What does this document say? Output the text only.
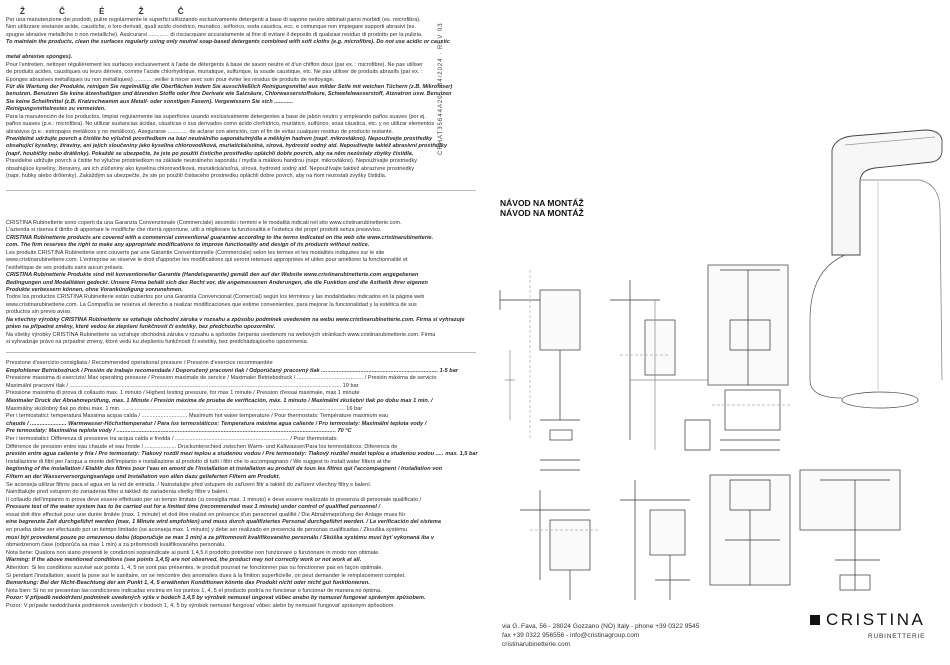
Ž Č É Ž Č
Per una manutenzione dei prodotti, pulire regolarmente le superfici utilizzando esclusivamente detergenti a base di sapone neutro abbinati panni morbidi (es. microfibra).
Non utilizzare sostanze acide, caustiche, o loro derivati, quali acido cloridrico, muriatico, solforico, soda caustica, ecc. e comunque non impiegare supporti abrasivi (es.
spugne abrasive metalliche o non metalliche). Assicurarsi ............. di risciacquare accuratamente al fine di evitare il deposito di qualsiasi residuo di prodotto per la pulizia.
To maintain the products, clean the surfaces regularly using only neutral soap-based detergents combined with soft cloths (e.g. microfibre). Do not use acidic or caustic
metal abrasive sponges).
Pour l'entretien, nettoyer régulièrement les surfaces exclusivement à l'aide de détergents à base de savon neutre et d'un chiffon doux (par ex. : microfibre). Ne pas utiliser
de produits acides, caustiques ou leurs dérivés, comme l'acide chlorhydrique, muriatique, sulfurique, la soude caustique, etc. Ne pas utiliser de produits abrasifs (par ex. :
Éponges abrasives métalliques ou non métalliques) ............ veiller à rincer avec soin pour éviter les résidus de produits de nettoyage.
Für die Wartung der Produkte, reinigen Sie regelmäßig die Oberflächen indem Sie ausschließlich Reinigungsmittel aus milder Seife mit weichen Tüchern (z.B. Mikrofaser)
benutzen. Benutzen Sie keine ätzenhaltigen und ätzenden Stoffe oder Ihre Derivate wie Salzsäure, Chlorwasserstoffsäure, Schwefelwasserstoff, Ätznatron usw. Benutzen
Sie keine Scheifmittel (z.B. Kratzschwamm aus Metall- oder sonstigen Fasern). Vergewissern Sie sich ............
Reinigungsmittelrestes zu vermeiden.
Para la manutención de los productos, limpiar regularmente las superficies usando exclusivamente detergentes a base de jabón neutro y empleando paños suaves (por ej.
paños suaves (p.e.: microfibra). No utilizar sustancias ácidas, cáusticas o sus derivados como ácido clorhídrico, muriático, sulfúrico, sosa cáustica, etc. y no utilizar elementos
abrasivos (p.e.: estropajos metálicos y no metálicos). Asegurarse ............. de aclarar con atención, con el fin de evitar cualquier residuo de producto restante.
Pravidelné udržujte povrch a čistěte ho výlučně prostředkem na bázi neutrálního saponátu/mýdla a měkkým hadrem (např. mikrovlákno). Nepoužívejte prostředky
obsahující kyseliny, žíraviny, ani jejich sloučeniny jako kyselina chlorovodíková, muriatická/solná, sírová, hydroxid sodný atd. Nepoužívejte taktéž abrasivní prostředky
(např. houbičky nebo drátěnky). Pokaždé se ubezpečte, že jste po použití čisticího prostředku opláchli dobře povrch, aby na něm nezůstaly zbytky čistidla.
Pravidelne udržujte povrch a čistite ho výlučne prostriedkom na základe neutrálneho saponátu / mydla a mäkkou handrou (napr. mikrovlákno). Nepoužívajte prostriedky
obsahujúce kyseliny, žieraviny, ani ich zlúčeniny ako kyselina chlorovodíková, muriatická/soľná, sírová, hydroxid sodný atď. Nepoužívajte taktiež abrazívne prostriedky
(napr. hubky alebo drôtenky). Zakaždým sa ubezpečte, že ste po použití čistiaceho prostriedku opláchli dobre povrch, aby na ňom nezostali zvyšky čistidla.
CRISTINA Rubinetterie sono coperti da una Garanzia Convenzionale (Commerciale) secondo i termini e le modalità indicati nel sito www.cristinarubinetterie.com.
L'azienda si riserva il diritto di apportare le modifiche che riterrà opportune, utili a migliorare la funzionalità e l'estetica dei propri prodotti senza preavviso.
CRISTINA Rubinetterie products are covered with a commercial conventional guarantee according to the terms indicated on the web site www.cristinarubinetterie.
com. The firm reserves the right to make any appropriate modifications to improve functionality and design of its products without notice.
Les produits CRISTINA Rubinetterie sont couverts par une Garantie Conventionnelle (Commerciale) selon les termes et les modalités indiquées sur le site
www.cristinarubinetterie.com. L'entreprise se réserve le droit d'apporter les modifications qui seront retenues appropriées et utiles pour améliorer la fonctionnalité et
l'esthétique de ses produits sans aucun préavis.
CRISTINA Rubinetterie Produkte sind mit konventioneller Garantie (Handelsgarantie) gemäß den auf der Website www.cristinarubinetterie.com angegebenen
Bedingungen und Modalitäten gedeckt. Unsere Firma behält sich das Recht vor, die angemessenen Änderungen, die die Funktion und die Ästhetik ihrer eigenen
Produkte verbessern können, ohne Vorankündigung vorzunehmen.
Todos los productos CRISTINA Rubinetterie están cubiertos por una Garantía Convencional (Comercial) según los términos y las modalidades indicados en la página web
www.cristinarubinetterie.com. La Compañía se reserva el derecho a realizar modificaciones que estime convenientes, para mejorar la funcionalidad y la estética de sus
productos sin previo aviso.
Na všechny výrobky CRISTINA Rubinetterie se vztahuje obchodní záruka v rozsahu a způsobu podmínek uvedeném na webu www.cristinarubinetterie.com. Firma si vyhrazuje
právo na případné změny, které vedou ke zlepšení funkčnosti či estetiky, bez předchozího upozornění.
Na všetky výrobky CRISTINA Rubinetterie sa vzťahuje obchodná záruka v rozsahu a spôsobe čerpania uvedenom na webových stránkach www.cristinarubinetterie.com. Firma
si vyhradzuje právo na prípadné zmeny, ktoré vedú ku zlepšeniu funkčnosti či estetiky, bez predchádzajúceho upozornenia.
Pressione d'esercizio consigliata / Recommended operational pressure / Pression d'exercice recommandée
Empfohlener Betriebsdruck / Presión de trabajo recomendada / Doporučený pracovní tlak / Odporúčaný pracovný tlak .......................................................................... 1-5 bar
Pressione massima di esercizio/ Max operating pressure / Pression maximale de service / Maximaler Betriebsdruck / .......................................... / Presión máxima de servicio
Maximální pracovní tlak / ............................................................................................................................................................................ 10 bar
Pressione massima di prova di collaudo max. 1 minuto / Highest testing pressure, for max 1 minute / Pression d'essai maximale, max 1 minute
Maximaler Druck der Abnahmeprüfung, max. 1 Minute / Presión máxima de prueba de verificación, máx. 1 minuto / Maximální zkušební tlak po dobu max 1 min. /
Maximálny skúšobný tlak po dobu max. 1 min. ............................................................................................................................................. 16 bar
Per i termostatici: temperatura Massima acqua calda / ............................. Maximum hot water temperature / Pour thermostats: Température maximum eau
chaude / ....................... Warmwasser-Höchsttemperatur / Para los termostáticos: Temperatura máxima agua caliente / Pro termostaty: Maximální teplota vody /
Pre termostaty: Maximálna teplota vody / ........................................................................................................................................... 70 °C
Per i termostatici: Differenza di pressione tra acqua calda e fredda / ........................................................................ / Pour thermostats:
Différence de pression entre eau chaude et eau froide / .................... Druckunterschied zwischen Warm- und Kaltwasser/Para los termostáticos: Diferencia de
presión entre agua caliente y fría / Pro termostaty: Tlakový rozdíl mezi teplou a studenou vodou / Pre termostaty: Tlakový rozdiel medzi teplou a studenou vodou ..... max. 1,5 bar
Installazione di filtri per l'acqua a monte dell'impianto e installazione al prodotto di tutti i filtri che lo accompagnano / We suggest to install water filters at the
beginning of the installation / Établir des filtres pour l'eau en amont de l'installation et installation au produit de tous les filtres qui l'accompagnent / Installation von
Filtern an der Wasserversorgungsanlage und Installation von allen dazu gelieferten Filtern am Produkt.
Se aconseja utilizar filtros para el agua en la red de entrada. / Nainstalujte před vstupem do zařízení filtr a taktéž do zařízení všechny filtry s balení.
Nainštalujte pred vstupom do zariadenia filter a taktiež do zariadenia všetky filtre v balení.
Il collaudo dell'impianto in prova deve essere effettuato per un tempo limitato (si consiglia max. 1 minuto) e deve essere realizzato in presenza di personale qualificato /
Pressure test of the water system has to be carried out for a limited time (recommended max 1 minute) under control of qualified personnel /
essai doit être effectué pour une durée limitée (max. 1 minute) et doit être réalisé en présence d'un personnel qualifié / Die Abnahmeprüfung der Anlage muss für
eine begrenzte Zeit durchgeführt werden (max. 1 Minute wird empfohlen) und muss durch qualifiziertes Personal durchgeführt werden. / La verificación del sistema
en prueba debe ser efectuado por un tiempo limitado (se aconseja max. 1 minuto) y debe ser realizado en presencia de personas cualificadas / Zkouška systému
musí být provedená pouze po omezenou dobu (doporučuje se max 1 min) a za přítomnosti kvalifikovaného personálu / Skúška systému musí byť vykonaná iba v
obmedzenom čase (odporúča sa max 1 min) a za prítomnosti kvalifikovaného personálu.
Nota bene: Qualora non siano presenti le condizioni sopraindicate ai punti 1,4,5 il prodotto potrebbe non funzionare o funzionare in modo non ottimale.
Warning: If the above mentioned conditions (see points 1,4,5) are not observed, the product may not correctly work or not work at all.
Attention: Si les conditions susvisé aux points 1, 4, 5 ne sont pas présentes, le produit pourrait ne fonctionner pas ou fonctionner pas en façon optimale.
Si pendant l'installation, avant la pose sur le sanitaire, on se rencontre des anomalies dues à la finition superficielle, on peut demander le remplacement complet.
Bemerkung: Bei der Nicht-Beachtung der am Punkt 1, 4, 5 erwähnten Konditionen könnte das Produkt nicht oder nicht gut funktionieren.
Nota bien: Si no se presentan las condiciones indicadas encima en los puntos 1, 4, 5 el producto podría no funcionar o funcionar de manera no óptima.
Pozor: V případě nedodržení podmínek uvedených výše v bodech 1,4,5 by výrobek nemusel ungovat vůbec anebo by nemusel fungovat správným způsobem.
Pozor: V prípade nedodržania podmienok uvedených v bodoch 1, 4, 5 by výrobok nemusel fungovať vôbec alebo by nemusel fungovať správnym spôsobom.
CRHAT35644A20 · 04/2024 · REV 03
NÁVOD NA MONTÁŽ
NÁVOD NA MONTÁŽ
via G. Fava, 56 - 28024 Gozzano (NO) Italy - phone +39 0322 9545
fax +39 0322 956556 - info@cristinagroup.com
cristinarubinetterie.com
CRISTINA
RUBINETTERIE
